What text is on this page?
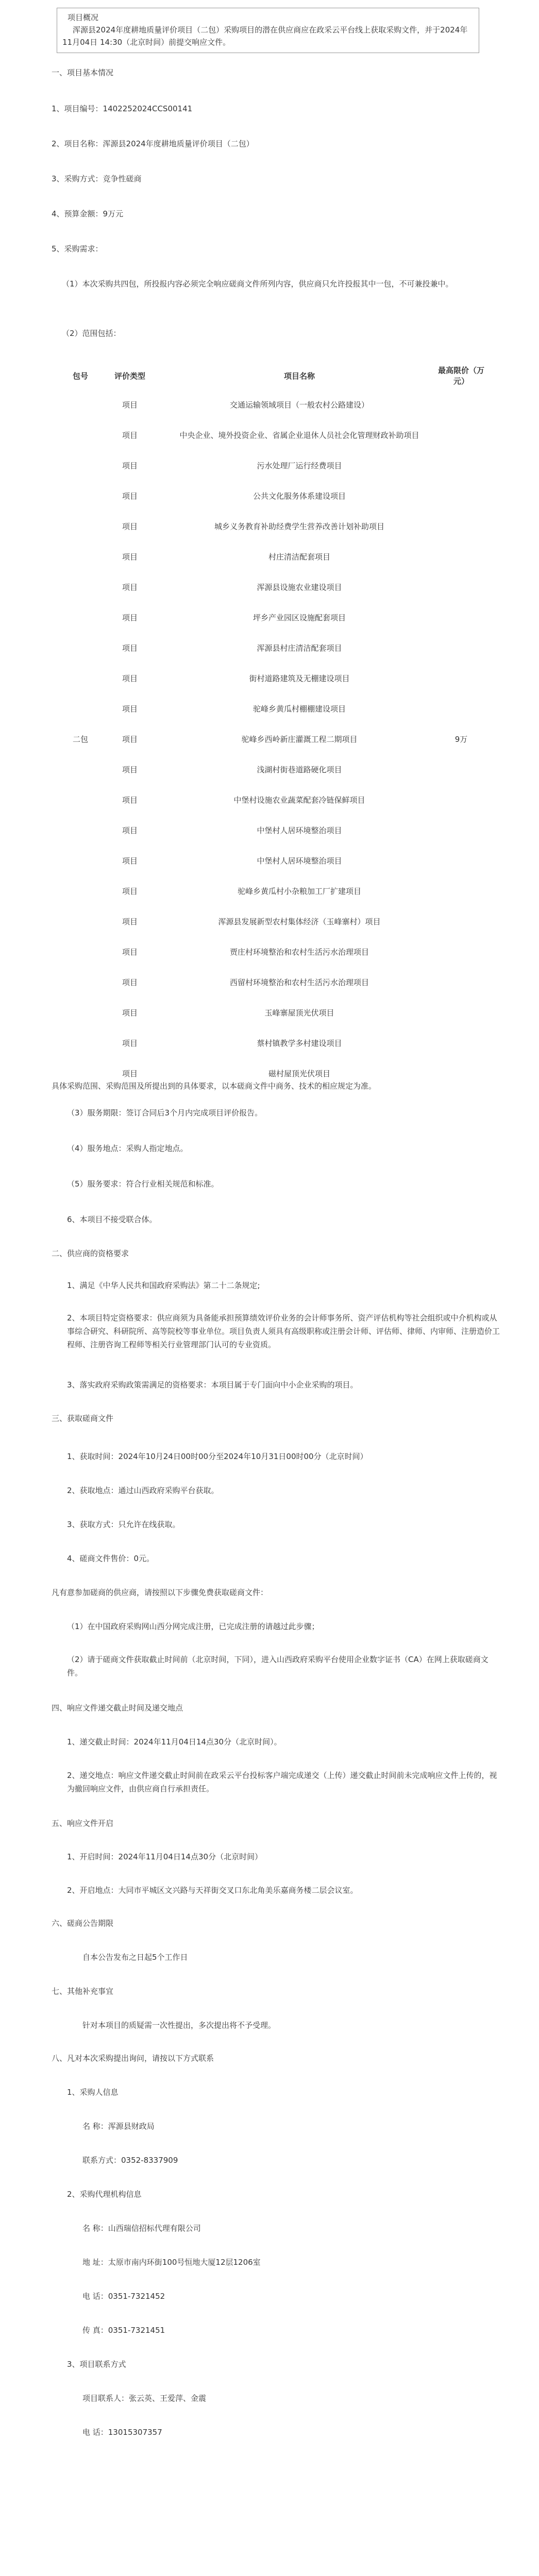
项目概况
浑源县2024年度耕地质量评价项目（二包）采购项目的潜在供应商应在政采云平台线上获取采购文件，并于2024年11月04日 14:30（北京时间）前提交响应文件。
一、项目基本情况
1、项目编号：1402252024CCS00141
2、项目名称：浑源县2024年度耕地质量评价项目（二包）
3、采购方式：竞争性磋商
4、预算金额：9万元
5、采购需求：
（1）本次采购共四包，所投报内容必须完全响应磋商文件所列内容，供应商只允许投报其中一包，不可兼投兼中。
（2）范围包括：
包号	评价类型	项目名称	最高限价（万元）
二包	项目	交通运输领域项目（一般农村公路建设）	9万
	项目	中央企业、境外投资企业、省属企业退休人员社会化管理财政补助项目	
	项目	污水处理厂运行经费项目	
	项目	公共文化服务体系建设项目	
	项目	城乡义务教育补助经费学生营养改善计划补助项目	
	项目	村庄清洁配套项目	
	项目	浑源县设施农业建设项目	
	项目	坪乡产业园区设施配套项目	
	项目	浑源县村庄清洁配套项目	
	项目	街村道路建筑及无棚建设项目	
	项目	驼峰乡黄瓜村棚棚建设项目	
	项目	驼峰乡西岭新庄灌溉工程二期项目	
	项目	浅湖村街巷道路硬化项目	
	项目	中堡村设施农业蔬菜配套冷链保鲜项目	
	项目	中堡村人居环境整治项目	
	项目	中堡村人居环境整治项目	
	项目	驼峰乡黄瓜村小杂粮加工厂扩建项目	
	项目	浑源县发展新型农村集体经济（玉峰寨村）项目	
	项目	贾庄村环境整治和农村生活污水治理项目	
	项目	西留村环境整治和农村生活污水治理项目	
	项目	玉峰寨屋顶光伏项目	
	项目	蔡村镇教学多村建设项目	
	项目	磁村屋顶光伏项目	
具体采购范围、采购范围及所提出到的具体要求，以本磋商文件中商务、技术的相应规定为准。
（3）服务期限：签订合同后3个月内完成项目评价报告。
（4）服务地点：采购人指定地点。
（5）服务要求：符合行业相关规范和标准。
6、本项目不接受联合体。
二、供应商的资格要求
1、满足《中华人民共和国政府采购法》第二十二条规定;
2、本项目特定资格要求：供应商须为具备能承担预算绩效评价业务的会计师事务所、资产评估机构等社会组织或中介机构或从事综合研究、科研院所、高等院校等事业单位。项目负责人须具有高级职称或注册会计师、评估师、律师、内审师、注册造价工程师、注册咨询工程师等相关行业管理部门认可的专业资质。
3、落实政府采购政策需满足的资格要求：本项目属于专门面向中小企业采购的项目。
三、获取磋商文件
1、获取时间：2024年10月24日00时00分至2024年10月31日00时00分（北京时间）
2、获取地点：通过山西政府采购平台获取。
3、获取方式：只允许在线获取。
4、磋商文件售价：0元。
凡有意参加磋商的供应商，请按照以下步骤免费获取磋商文件：
（1）在中国政府采购网山西分网完成注册，已完成注册的请越过此步骤；
（2）请于磋商文件获取截止时间前（北京时间，下同），进入山西政府采购平台使用企业数字证书（CA）在网上获取磋商文件。
四、响应文件递交截止时间及递交地点
1、递交截止时间：2024年11月04日14点30分（北京时间）。
2、递交地点：响应文件递交截止时间前在政采云平台投标客户端完成递交（上传）递交截止时间前未完成响应文件上传的，视为撤回响应文件，由供应商自行承担责任。
五、响应文件开启
1、开启时间：2024年11月04日14点30分（北京时间）
2、开启地点：大同市平城区文兴路与天祥街交叉口东北角美乐嘉商务楼二层会议室。
六、磋商公告期限
自本公告发布之日起5个工作日
七、其他补充事宜
针对本项目的质疑需一次性提出，多次提出将不予受理。
八、凡对本次采购提出询问，请按以下方式联系
1、采购人信息
名 称：浑源县财政局
联系方式：0352-8337909
2、采购代理机构信息
名 称：山西瑞信招标代理有限公司
地 址：太原市南内环街100号恒地大厦12层1206室
电 话：0351-7321452
传 真：0351-7321451
3、项目联系方式
项目联系人：张云英、王爱萍、金震
电 话：13015307357
